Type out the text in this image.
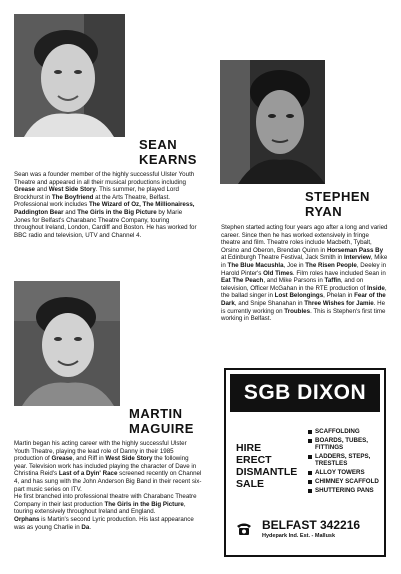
SEAN
KEARNS
Sean was a founder member of the highly successful Ulster Youth Theatre and appeared in all their musical productions including Grease and West Side Story. This summer, he played Lord Brockhurst in The Boyfriend at the Arts Theatre, Belfast. Professional work includes The Wizard of Oz, The Millionairess, Paddington Bear and The Girls in the Big Picture by Marie Jones for Belfast's Charabanc Theatre Company, touring throughout Ireland, London, Cardiff and Boston. He has worked for BBC radio and television, UTV and Channel 4.
STEPHEN
RYAN
Stephen started acting four years ago after a long and varied career. Since then he has worked extensively in fringe theatre and film. Theatre roles include Macbeth, Tybalt, Orsino and Oberon, Brendan Quinn in Horseman Pass By at Edinburgh Theatre Festival, Jack Smith in Interview, Mike in The Blue Macushla, Joe in The Risen People, Deeley in Harold Pinter's Old Times. Film roles have included Sean in Eat The Peach, and Mike Parsons in Taffin, and on television, Officer McGahan in the RTE production of Inside, the ballad singer in Lost Belongings, Phelan in Fear of the Dark, and Snipe Shanahan in Three Wishes for Jamie. He is currently working on Troubles. This is Stephen's first time working in Belfast.
MARTIN
MAGUIRE
Martin began his acting career with the highly successful Ulster Youth Theatre, playing the lead role of Danny in their 1985 production of Grease, and Riff in West Side Story the following year. Television work has included playing the character of Dave in Christina Reid's Last of a Dyin' Race screened recently on Channel 4, and has sung with the John Anderson Big Band in their recent six-part music series on ITV.
He first branched into professional theatre with Charabanc Theatre Company in their last production The Girls in the Big Picture, touring extensively throughout Ireland and England.
Orphans is Martin's second Lyric production. His last appearance was as young Charlie in Da.
SGB DIXON
HIRE
ERECT
DISMANTLE
SALE
SCAFFOLDING
BOARDS, TUBES, FITTINGS
LADDERS, STEPS, TRESTLES
ALLOY TOWERS
CHIMNEY SCAFFOLD
SHUTTERING PANS
BELFAST 342216
Hydepark Ind. Est. - Mallusk
